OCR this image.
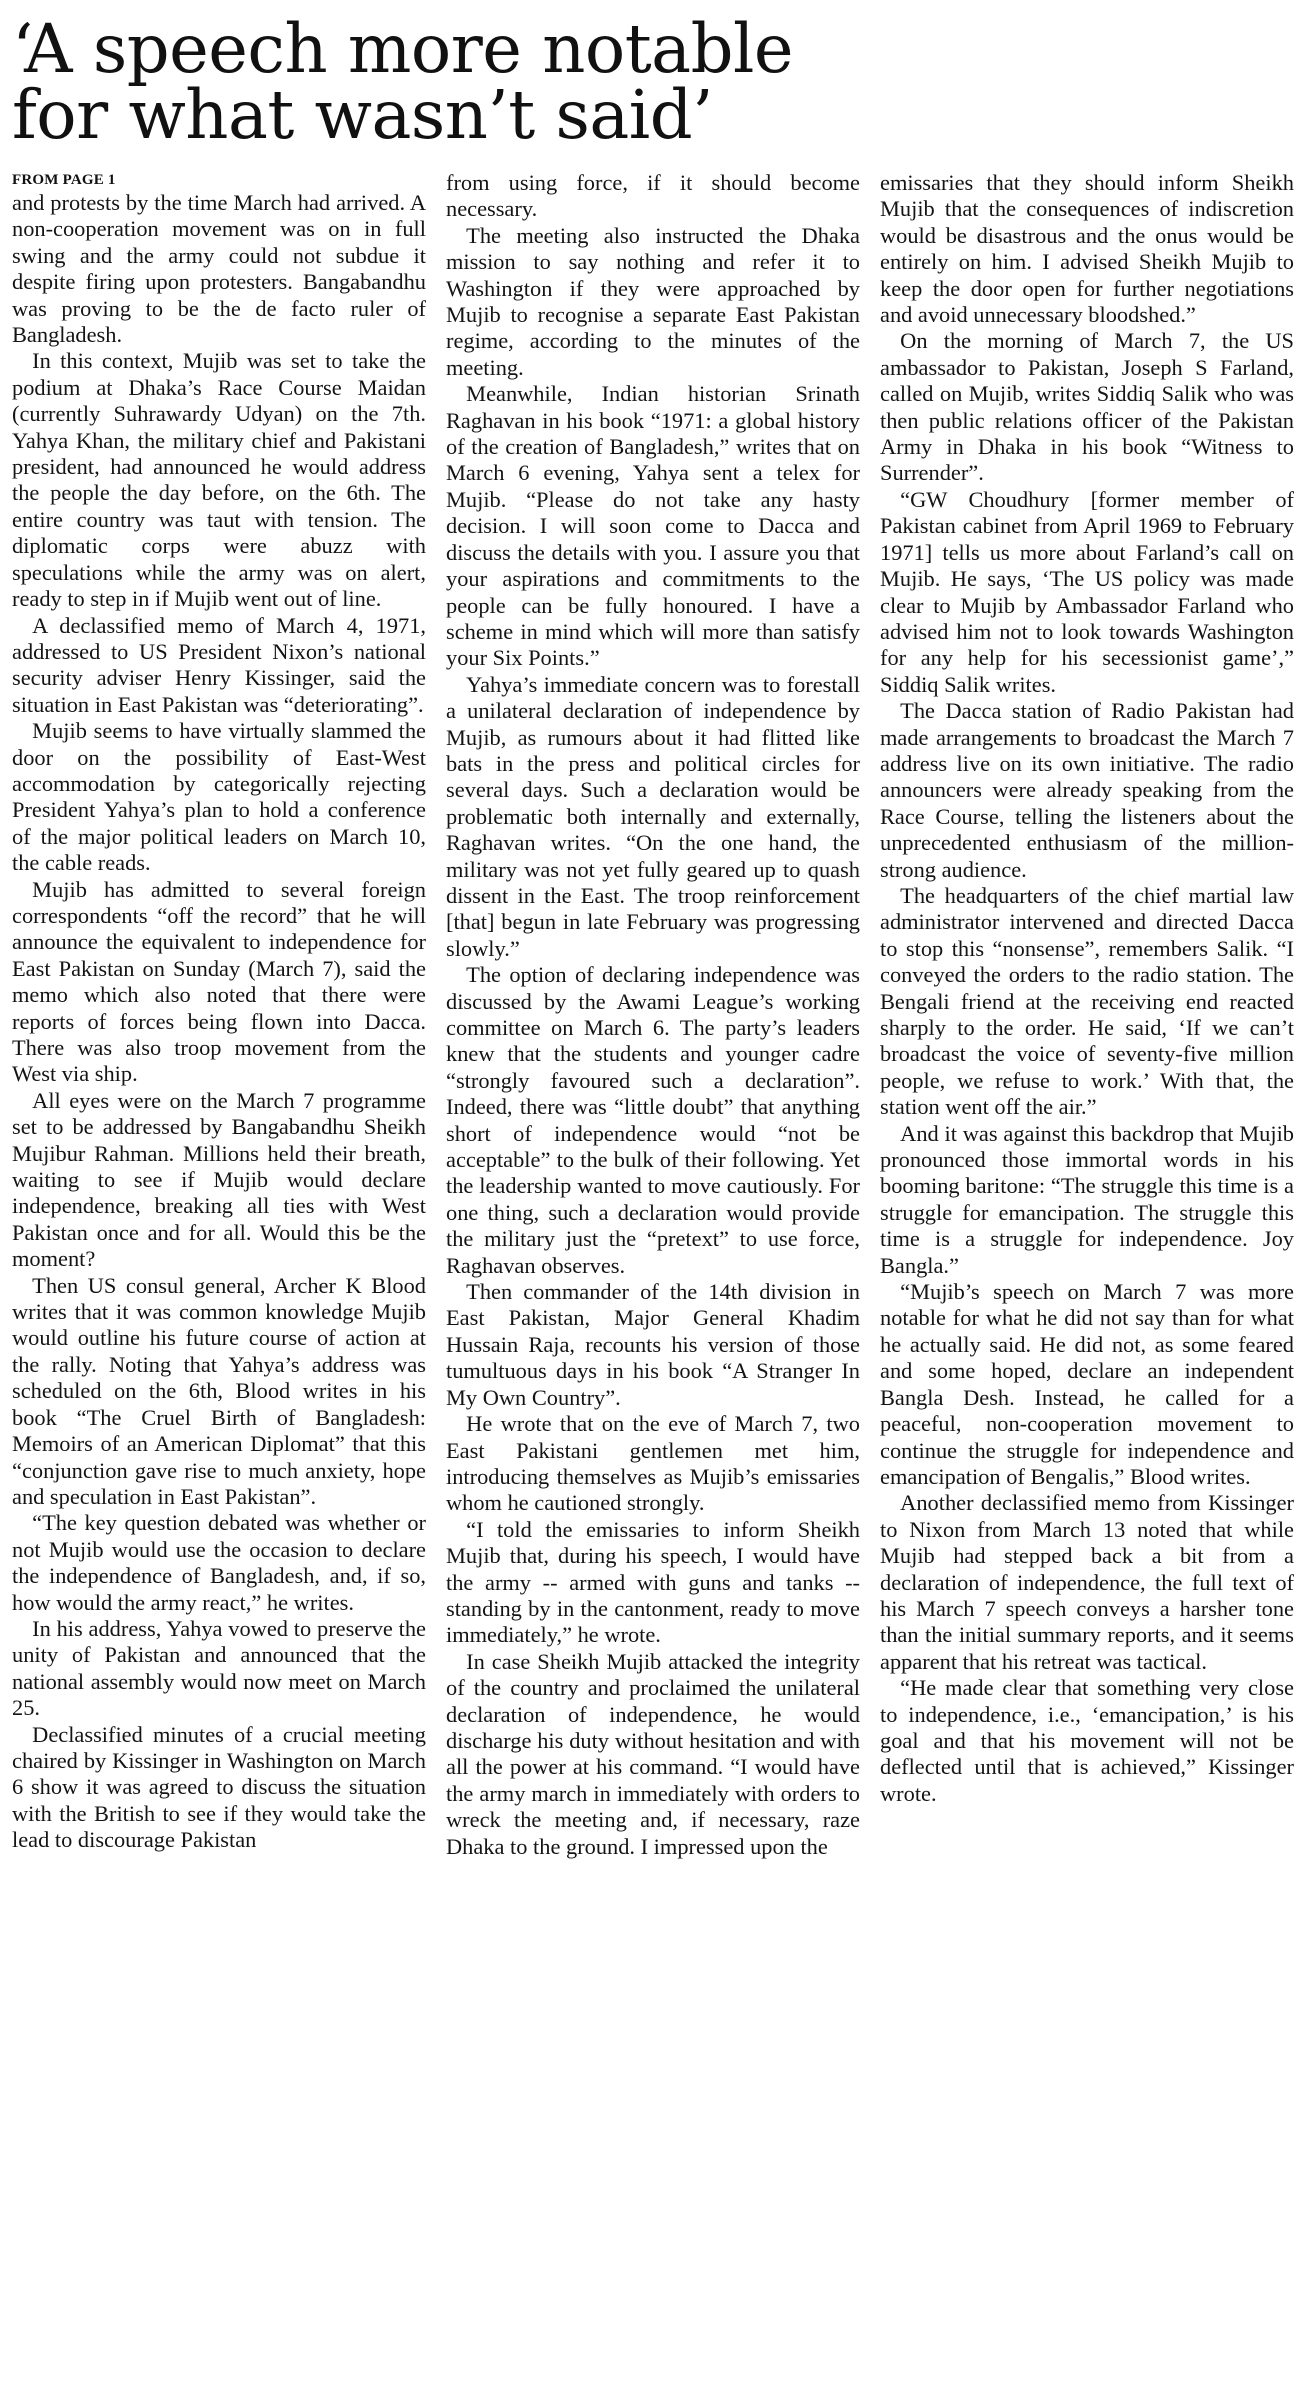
‘A speech more notable
for what wasn’t said’
FROM PAGE 1

and protests by the time March had arrived. A non-cooperation movement was on in full swing and the army could not subdue it despite firing upon protesters. Bangabandhu was proving to be the de facto ruler of Bangladesh.

In this context, Mujib was set to take the podium at Dhaka’s Race Course Maidan (currently Suhrawardy Udyan) on the 7th. Yahya Khan, the military chief and Pakistani president, had announced he would address the people the day before, on the 6th. The entire country was taut with tension. The diplomatic corps were abuzz with speculations while the army was on alert, ready to step in if Mujib went out of line.

A declassified memo of March 4, 1971, addressed to US President Nixon’s national security adviser Henry Kissinger, said the situation in East Pakistan was “deteriorating”.

Mujib seems to have virtually slammed the door on the possibility of East-West accommodation by categorically rejecting President Yahya’s plan to hold a conference of the major political leaders on March 10, the cable reads.

Mujib has admitted to several foreign correspondents “off the record” that he will announce the equivalent to independence for East Pakistan on Sunday (March 7), said the memo which also noted that there were reports of forces being flown into Dacca. There was also troop movement from the West via ship.

All eyes were on the March 7 programme set to be addressed by Bangabandhu Sheikh Mujibur Rahman. Millions held their breath, waiting to see if Mujib would declare independence, breaking all ties with West Pakistan once and for all. Would this be the moment?

Then US consul general, Archer K Blood writes that it was common knowledge Mujib would outline his future course of action at the rally. Noting that Yahya’s address was scheduled on the 6th, Blood writes in his book “The Cruel Birth of Bangladesh: Memoirs of an American Diplomat” that this “conjunction gave rise to much anxiety, hope and speculation in East Pakistan”.

“The key question debated was whether or not Mujib would use the occasion to declare the independence of Bangladesh, and, if so, how would the army react,” he writes.

In his address, Yahya vowed to preserve the unity of Pakistan and announced that the national assembly would now meet on March 25.

Declassified minutes of a crucial meeting chaired by Kissinger in Washington on March 6 show it was agreed to discuss the situation with the British to see if they would take the lead to discourage Pakistan

from using force, if it should become necessary.

The meeting also instructed the Dhaka mission to say nothing and refer it to Washington if they were approached by Mujib to recognise a separate East Pakistan regime, according to the minutes of the meeting.

Meanwhile, Indian historian Srinath Raghavan in his book “1971: a global history of the creation of Bangladesh,” writes that on March 6 evening, Yahya sent a telex for Mujib. “Please do not take any hasty decision. I will soon come to Dacca and discuss the details with you. I assure you that your aspirations and commitments to the people can be fully honoured. I have a scheme in mind which will more than satisfy your Six Points.”

Yahya’s immediate concern was to forestall a unilateral declaration of independence by Mujib, as rumours about it had flitted like bats in the press and political circles for several days. Such a declaration would be problematic both internally and externally, Raghavan writes. “On the one hand, the military was not yet fully geared up to quash dissent in the East. The troop reinforcement [that] begun in late February was progressing slowly.”

The option of declaring independence was discussed by the Awami League’s working committee on March 6. The party’s leaders knew that the students and younger cadre “strongly favoured such a declaration”. Indeed, there was “little doubt” that anything short of independence would “not be acceptable” to the bulk of their following. Yet the leadership wanted to move cautiously. For one thing, such a declaration would provide the military just the “pretext” to use force, Raghavan observes.

Then commander of the 14th division in East Pakistan, Major General Khadim Hussain Raja, recounts his version of those tumultuous days in his book “A Stranger In My Own Country”.

He wrote that on the eve of March 7, two East Pakistani gentlemen met him, introducing themselves as Mujib’s emissaries whom he cautioned strongly.

“I told the emissaries to inform Sheikh Mujib that, during his speech, I would have the army -- armed with guns and tanks -- standing by in the cantonment, ready to move immediately,” he wrote.

In case Sheikh Mujib attacked the integrity of the country and proclaimed the unilateral declaration of independence, he would discharge his duty without hesitation and with all the power at his command. “I would have the army march in immediately with orders to wreck the meeting and, if necessary, raze Dhaka to the ground. I impressed upon the

emissaries that they should inform Sheikh Mujib that the consequences of indiscretion would be disastrous and the onus would be entirely on him. I advised Sheikh Mujib to keep the door open for further negotiations and avoid unnecessary bloodshed.”

On the morning of March 7, the US ambassador to Pakistan, Joseph S Farland, called on Mujib, writes Siddiq Salik who was then public relations officer of the Pakistan Army in Dhaka in his book “Witness to Surrender”.

“GW Choudhury [former member of Pakistan cabinet from April 1969 to February 1971] tells us more about Farland’s call on Mujib. He says, ‘The US policy was made clear to Mujib by Ambassador Farland who advised him not to look towards Washington for any help for his secessionist game’,” Siddiq Salik writes.

The Dacca station of Radio Pakistan had made arrangements to broadcast the March 7 address live on its own initiative. The radio announcers were already speaking from the Race Course, telling the listeners about the unprecedented enthusiasm of the million-strong audience.

The headquarters of the chief martial law administrator intervened and directed Dacca to stop this “nonsense”, remembers Salik. “I conveyed the orders to the radio station. The Bengali friend at the receiving end reacted sharply to the order. He said, ‘If we can’t broadcast the voice of seventy-five million people, we refuse to work.’ With that, the station went off the air.”

And it was against this backdrop that Mujib pronounced those immortal words in his booming baritone: “The struggle this time is a struggle for emancipation. The struggle this time is a struggle for independence. Joy Bangla.”

“Mujib’s speech on March 7 was more notable for what he did not say than for what he actually said. He did not, as some feared and some hoped, declare an independent Bangla Desh. Instead, he called for a peaceful, non-cooperation movement to continue the struggle for independence and emancipation of Bengalis,” Blood writes.

Another declassified memo from Kissinger to Nixon from March 13 noted that while Mujib had stepped back a bit from a declaration of independence, the full text of his March 7 speech conveys a harsher tone than the initial summary reports, and it seems apparent that his retreat was tactical.

“He made clear that something very close to independence, i.e., ‘emancipation,’ is his goal and that his movement will not be deflected until that is achieved,” Kissinger wrote.
